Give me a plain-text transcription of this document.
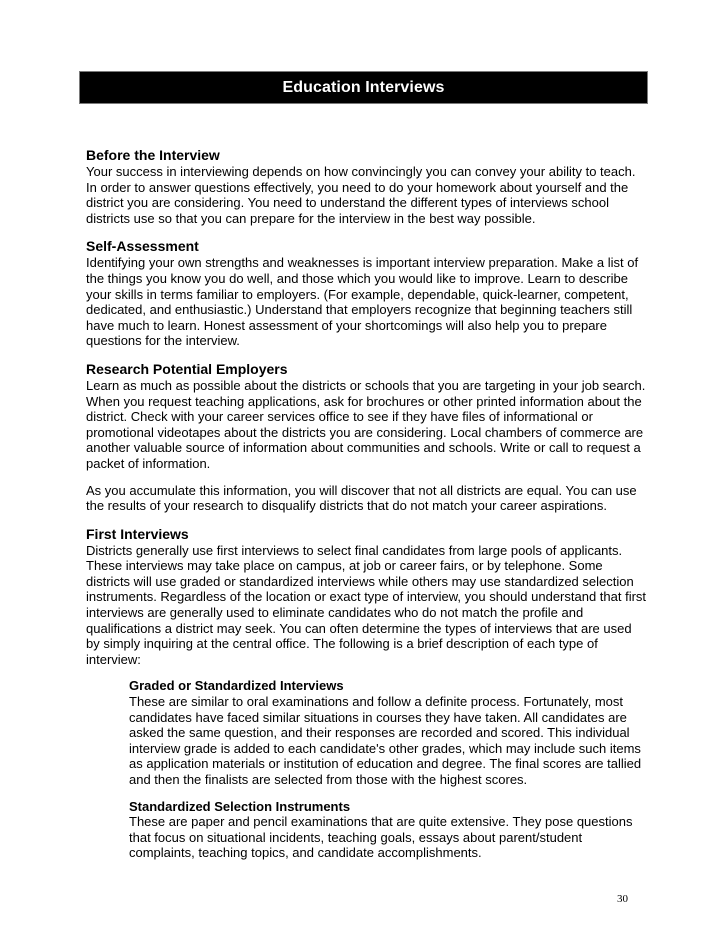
Education Interviews
Before the Interview

Your success in interviewing depends on how convincingly you can convey your ability to teach. In order to answer questions effectively, you need to do your homework about yourself and the district you are considering. You need to understand the different types of interviews school districts use so that you can prepare for the interview in the best way possible.

Self-Assessment

Identifying your own strengths and weaknesses is important interview preparation. Make a list of the things you know you do well, and those which you would like to improve. Learn to describe your skills in terms familiar to employers. (For example, dependable, quick-learner, competent, dedicated, and enthusiastic.) Understand that employers recognize that beginning teachers still have much to learn. Honest assessment of your shortcomings will also help you to prepare questions for the interview.

Research Potential Employers

Learn as much as possible about the districts or schools that you are targeting in your job search. When you request teaching applications, ask for brochures or other printed information about the district. Check with your career services office to see if they have files of informational or promotional videotapes about the districts you are considering. Local chambers of commerce are another valuable source of information about communities and schools. Write or call to request a packet of information.

As you accumulate this information, you will discover that not all districts are equal. You can use the results of your research to disqualify districts that do not match your career aspirations.

First Interviews

Districts generally use first interviews to select final candidates from large pools of applicants. These interviews may take place on campus, at job or career fairs, or by telephone. Some districts will use graded or standardized interviews while others may use standardized selection instruments. Regardless of the location or exact type of interview, you should understand that first interviews are generally used to eliminate candidates who do not match the profile and qualifications a district may seek. You can often determine the types of interviews that are used by simply inquiring at the central office. The following is a brief description of each type of interview:

Graded or Standardized Interviews

These are similar to oral examinations and follow a definite process. Fortunately, most candidates have faced similar situations in courses they have taken. All candidates are asked the same question, and their responses are recorded and scored. This individual interview grade is added to each candidate's other grades, which may include such items as application materials or institution of education and degree. The final scores are tallied and then the finalists are selected from those with the highest scores.

Standardized Selection Instruments

These are paper and pencil examinations that are quite extensive. They pose questions that focus on situational incidents, teaching goals, essays about parent/student complaints, teaching topics, and candidate accomplishments.

30
